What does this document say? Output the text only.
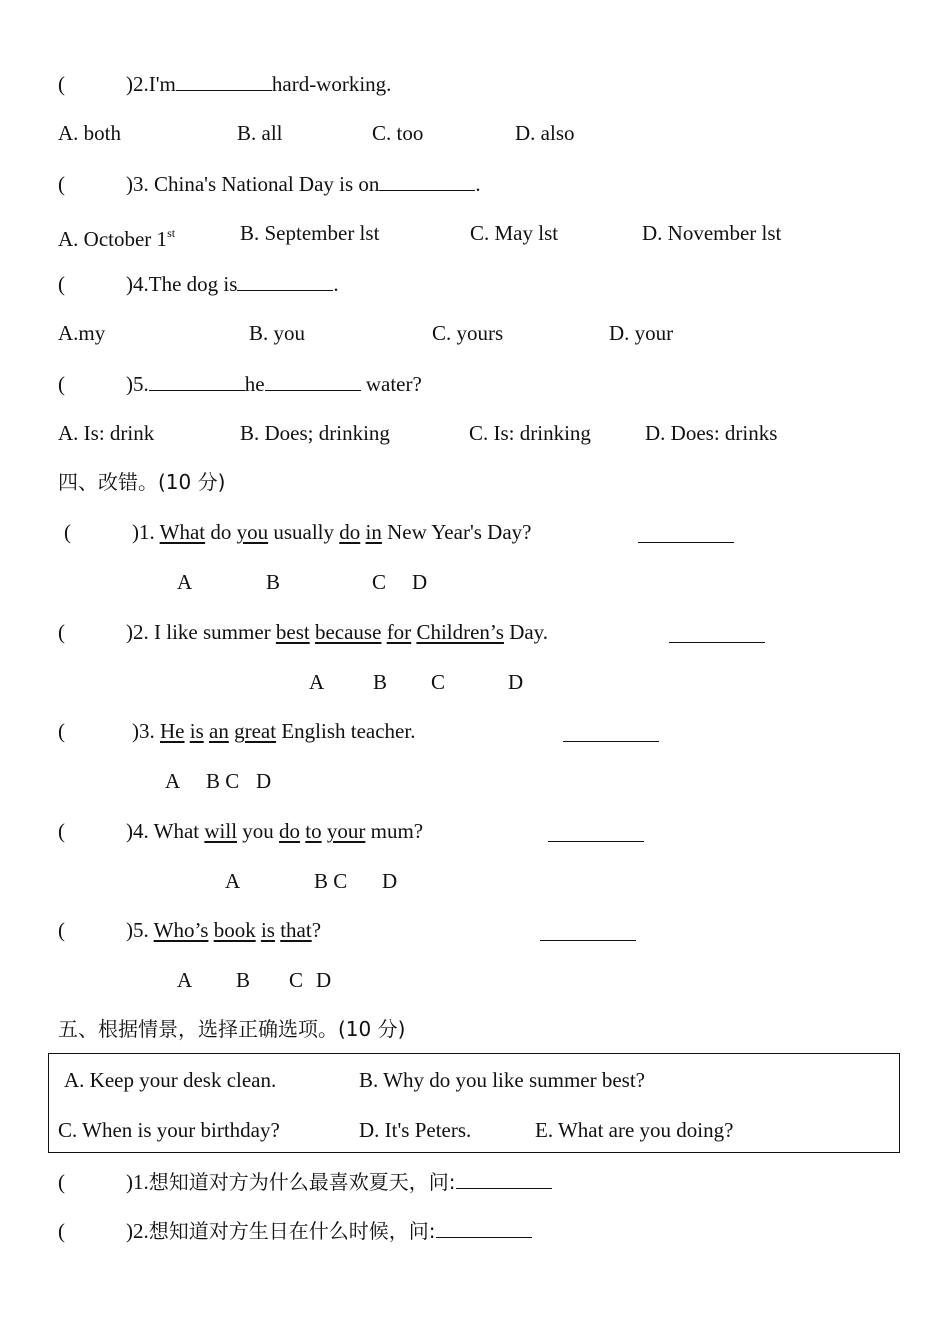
(	)2.I'm	hard-working.
A. both	B. all	C. too	D. also
(	)3. China's National Day is on	.
A. October 1st	B. September lst	C. May lst	D. November lst
(	)4.The dog is	.
A.my	B. you	C. yours	D. your
(	)5.	he	water?
A. Is: drink	B. Does; drinking	C. Is: drinking	D. Does: drinks
四、改错。(10 分)
(	)1. What do you usually do in New Year's Day?
A	B	C D
(	)2. I like summer best because for Children’s Day.
A B C	D
(	)3. He is an great English teacher.
A B C D
(	)4. What will you do to your mum?
A	B C D
(	)5. Who’s book is that?
A B C D
五、根据情景，选择正确选项。(10 分)
A. Keep your desk clean.	B. Why do you like summer best?
C. When is your birthday?	D. It's Peters.	E. What are you doing?
(	)1.想知道对方为什么最喜欢夏天，问:
(	)2.想知道对方生日在什么时候，问:
